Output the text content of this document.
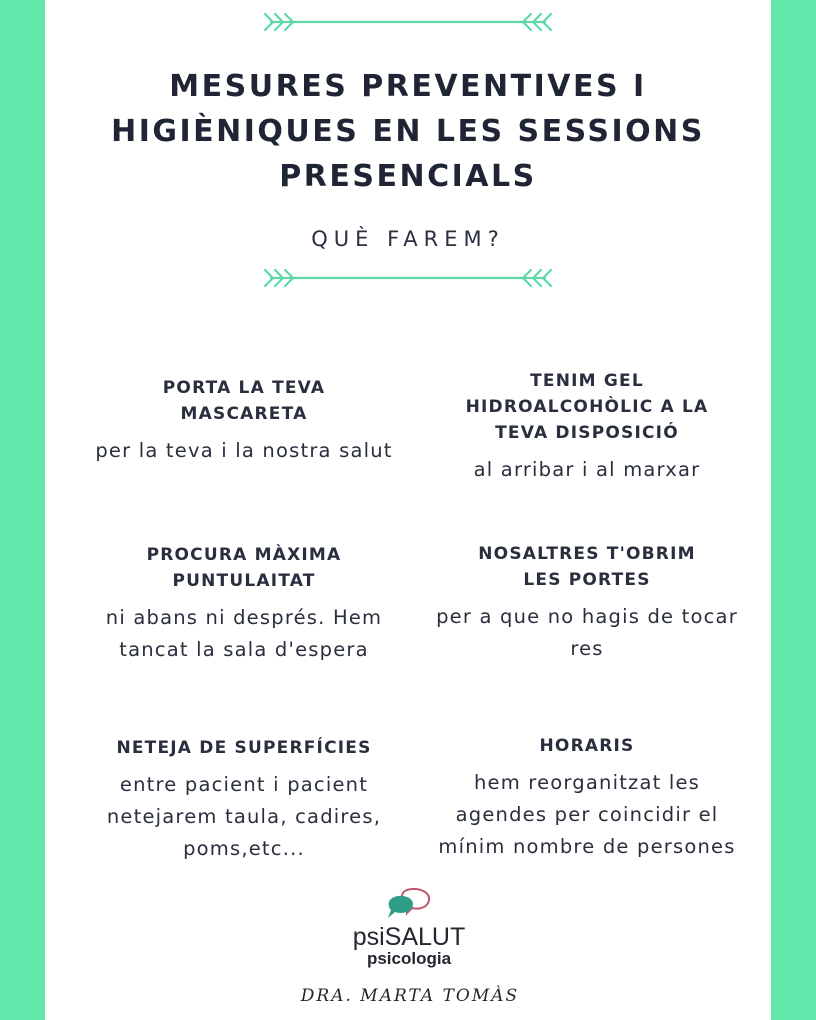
MESURES PREVENTIVES I HIGIÈNIQUES EN LES SESSIONS PRESENCIALS
QUÈ FAREM?
PORTA LA TEVA MASCARETA
per la teva i la nostra salut
TENIM GEL HIDROALCOHÒLIC A LA TEVA DISPOSICIÓ
al arribar i al marxar
PROCURA MÀXIMA PUNTULAITAT
ni abans ni després. Hem tancat la sala d'espera
NOSALTRES T'OBRIM LES PORTES
per a que no hagis de tocar res
NETEJA DE SUPERFÍCIES
entre pacient i pacient netejarem taula, cadires, poms,etc...
HORARIS
hem reorganitzat les agendes per coincidir el mínim nombre de persones
psiSALUT
psicologia
DRA. MARTA TOMÀS
